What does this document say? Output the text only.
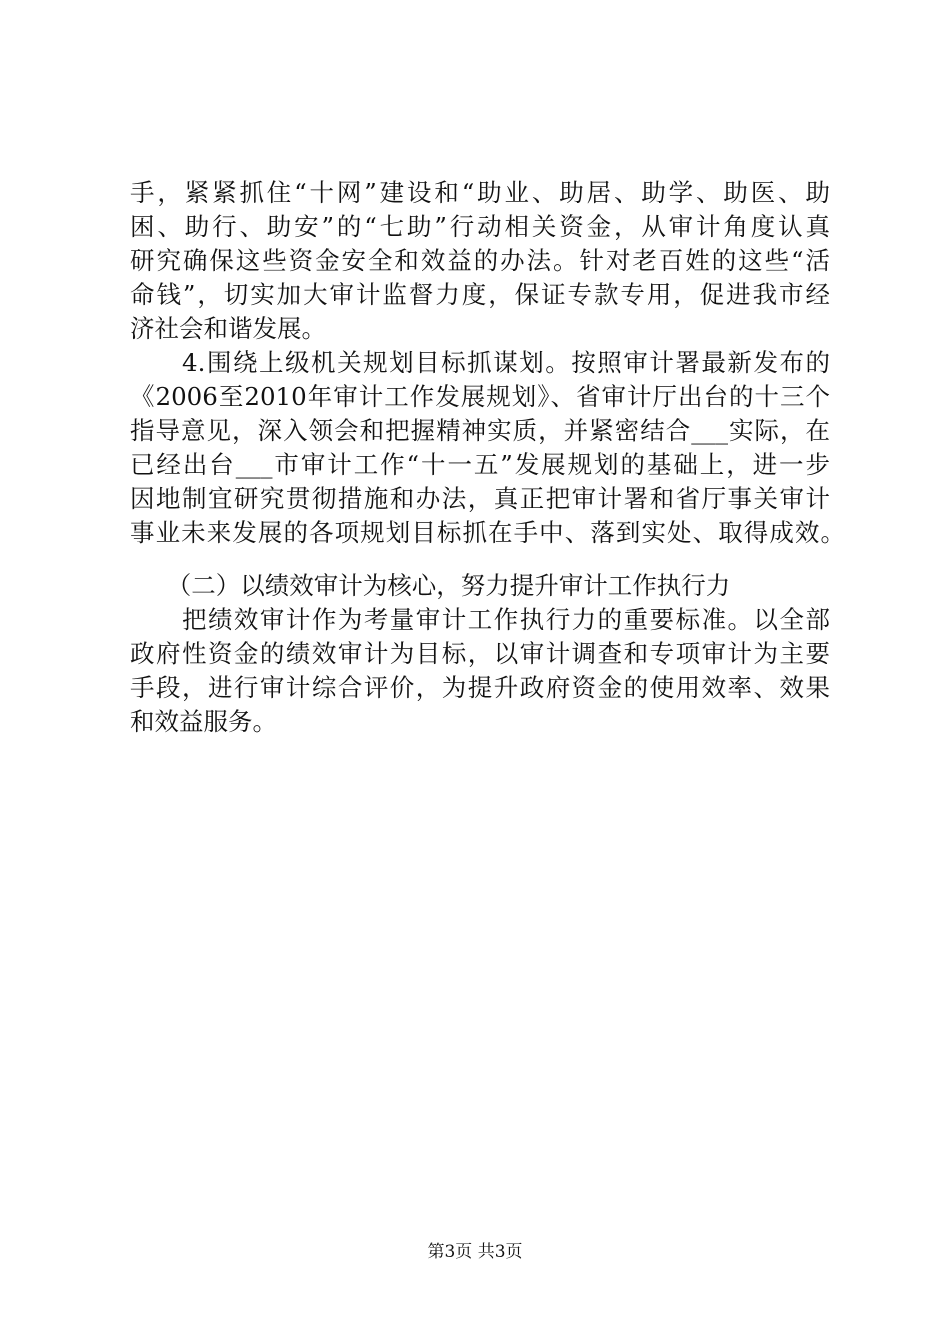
手，紧紧抓住“十网”建设和“助业、助居、助学、助医、助
困、助行、助安”的“七助”行动相关资金，从审计角度认真
研究确保这些资金安全和效益的办法。针对老百姓的这些“活
命钱”，切实加大审计监督力度，保证专款专用，促进我市经
济社会和谐发展。
　　4.围绕上级机关规划目标抓谋划。按照审计署最新发布的
《2006至2010年审计工作发展规划》、省审计厅出台的十三个
指导意见，深入领会和把握精神实质，并紧密结合___实际，在
已经出台___市审计工作“十一五”发展规划的基础上，进一步
因地制宜研究贯彻措施和办法，真正把审计署和省厅事关审计
事业未来发展的各项规划目标抓在手中、落到实处、取得成效。
　　（二）以绩效审计为核心，努力提升审计工作执行力
　　把绩效审计作为考量审计工作执行力的重要标准。以全部
政府性资金的绩效审计为目标，以审计调查和专项审计为主要
手段，进行审计综合评价，为提升政府资金的使用效率、效果
和效益服务。
第3页 共3页
